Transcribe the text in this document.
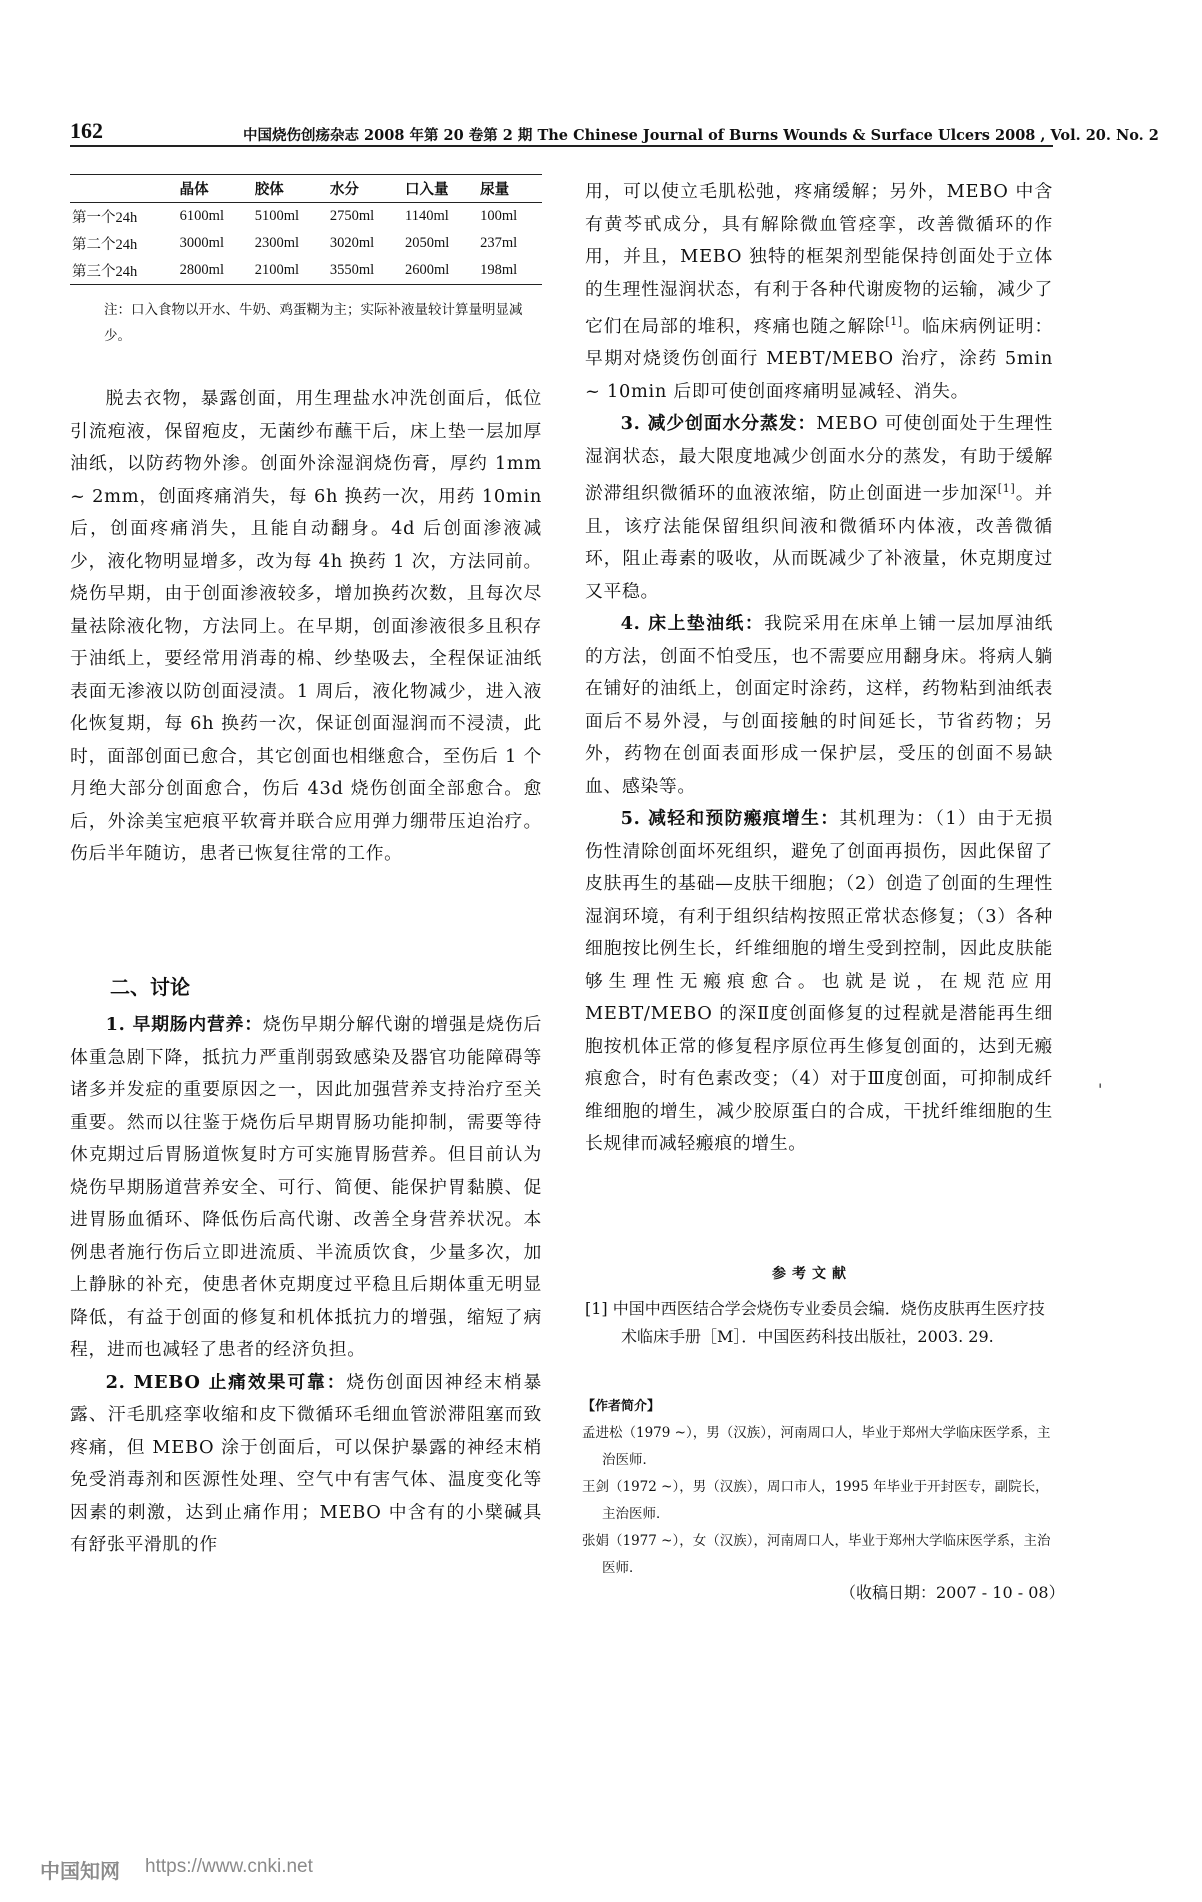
162	中国烧伤创疡杂志 2008 年第 20 卷第 2 期 The Chinese Journal of Burns Wounds & Surface Ulcers 2008 , Vol. 20. No. 2
	晶体	胶体	水分	口入量	尿量
第一个24h	6100ml	5100ml	2750ml	1140ml	100ml
第二个24h	3000ml	2300ml	3020ml	2050ml	237ml
第三个24h	2800ml	2100ml	3550ml	2600ml	198ml
注：口入食物以开水、牛奶、鸡蛋糊为主；实际补液量较计算量明显减少。

脱去衣物，暴露创面，用生理盐水冲洗创面后，低位引流疱液，保留疱皮，无菌纱布蘸干后，床上垫一层加厚油纸，以防药物外渗。创面外涂湿润烧伤膏，厚约 1mm ~ 2mm，创面疼痛消失，每 6h 换药一次，用药 10min 后，创面疼痛消失，且能自动翻身。4d 后创面渗液减少，液化物明显增多，改为每 4h 换药 1 次，方法同前。烧伤早期，由于创面渗液较多，增加换药次数，且每次尽量祛除液化物，方法同上。在早期，创面渗液很多且积存于油纸上，要经常用消毒的棉、纱垫吸去，全程保证油纸表面无渗液以防创面浸渍。1 周后，液化物减少，进入液化恢复期，每 6h 换药一次，保证创面湿润而不浸渍，此时，面部创面已愈合，其它创面也相继愈合，至伤后 1 个月绝大部分创面愈合，伤后 43d 烧伤创面全部愈合。愈后，外涂美宝疤痕平软膏并联合应用弹力绷带压迫治疗。伤后半年随访，患者已恢复往常的工作。

二、讨论

1. 早期肠内营养：烧伤早期分解代谢的增强是烧伤后体重急剧下降，抵抗力严重削弱致感染及器官功能障碍等诸多并发症的重要原因之一，因此加强营养支持治疗至关重要。然而以往鉴于烧伤后早期胃肠功能抑制，需要等待休克期过后胃肠道恢复时方可实施胃肠营养。但目前认为烧伤早期肠道营养安全、可行、简便、能保护胃黏膜、促进胃肠血循环、降低伤后高代谢、改善全身营养状况。本例患者施行伤后立即进流质、半流质饮食，少量多次，加上静脉的补充，使患者休克期度过平稳且后期体重无明显降低，有益于创面的修复和机体抵抗力的增强，缩短了病程，进而也减轻了患者的经济负担。

2. MEBO 止痛效果可靠：烧伤创面因神经末梢暴露、汗毛肌痉挛收缩和皮下微循环毛细血管淤滞阻塞而致疼痛，但 MEBO 涂于创面后，可以保护暴露的神经末梢免受消毒剂和医源性处理、空气中有害气体、温度变化等因素的刺激，达到止痛作用；MEBO 中含有的小檗碱具有舒张平滑肌的作

用，可以使立毛肌松弛，疼痛缓解；另外，MEBO 中含有黄芩甙成分，具有解除微血管痉挛，改善微循环的作用，并且，MEBO 独特的框架剂型能保持创面处于立体的生理性湿润状态，有利于各种代谢废物的运输，减少了它们在局部的堆积，疼痛也随之解除[1]。临床病例证明：早期对烧烫伤创面行 MEBT/MEBO 治疗，涂药 5min ~ 10min 后即可使创面疼痛明显减轻、消失。

3. 减少创面水分蒸发：MEBO 可使创面处于生理性湿润状态，最大限度地减少创面水分的蒸发，有助于缓解淤滞组织微循环的血液浓缩，防止创面进一步加深[1]。并且，该疗法能保留组织间液和微循环内体液，改善微循环，阻止毒素的吸收，从而既减少了补液量，休克期度过又平稳。

4. 床上垫油纸：我院采用在床单上铺一层加厚油纸的方法，创面不怕受压，也不需要应用翻身床。将病人躺在铺好的油纸上，创面定时涂药，这样，药物粘到油纸表面后不易外浸，与创面接触的时间延长，节省药物；另外，药物在创面表面形成一保护层，受压的创面不易缺血、感染等。

5. 减轻和预防瘢痕增生：其机理为：（1）由于无损伤性清除创面坏死组织，避免了创面再损伤，因此保留了皮肤再生的基础—皮肤干细胞；（2）创造了创面的生理性湿润环境，有利于组织结构按照正常状态修复；（3）各种细胞按比例生长，纤维细胞的增生受到控制，因此皮肤能够生理性无瘢痕愈合。也就是说，在规范应用 MEBT/MEBO 的深Ⅱ度创面修复的过程就是潜能再生细胞按机体正常的修复程序原位再生修复创面的，达到无瘢痕愈合，时有色素改变；（4）对于Ⅲ度创面，可抑制成纤维细胞的增生，减少胶原蛋白的合成，干扰纤维细胞的生长规律而减轻瘢痕的增生。

参考文献
[1] 中国中西医结合学会烧伤专业委员会编．烧伤皮肤再生医疗技术临床手册［M］．中国医药科技出版社，2003. 29.
【作者简介】
孟进松（1979 ~），男（汉族），河南周口人，毕业于郑州大学临床医学系，主治医师．
王剑（1972 ~），男（汉族），周口市人，1995 年毕业于开封医专，副院长，主治医师．
张娟（1977 ~），女（汉族），河南周口人，毕业于郑州大学临床医学系，主治医师．
（收稿日期：2007 - 10 - 08）
'
中国知网 https://www.cnki.net
